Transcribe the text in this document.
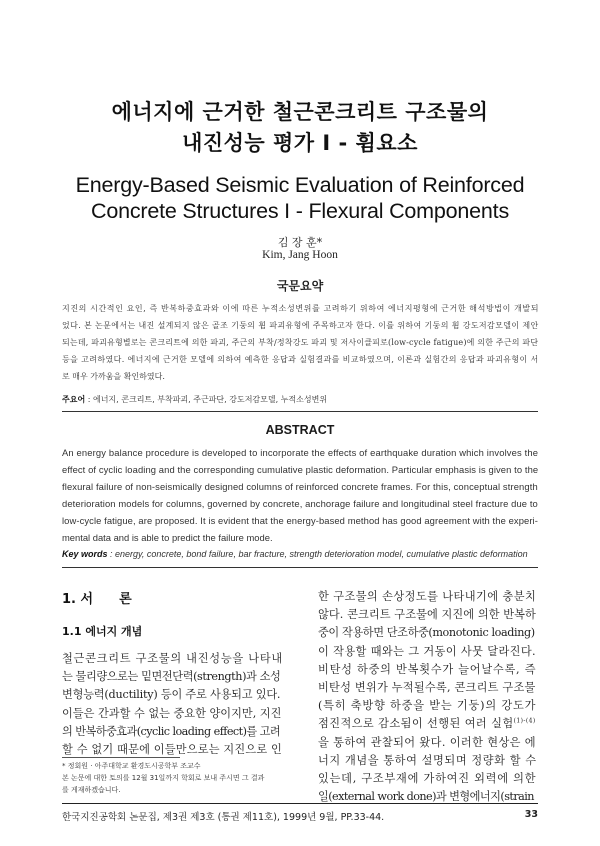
에너지에 근거한 철근콘크리트 구조물의
내진성능 평가 I - 휨요소
Energy-Based Seismic Evaluation of Reinforced
Concrete Structures I - Flexural Components
김 장 훈*
Kim, Jang Hoon
국문요약
지진의 시간적인 요인, 즉 반복하중효과와 이에 따른 누적소성변위를 고려하기 위하여 에너지평형에 근거한 해석방법이 개발되
었다. 본 논문에서는 내진 설계되지 않은 골조 기둥의 휨 파괴유형에 주목하고자 한다. 이를 위하여 기둥의 휨 강도저감모델이 제안
되는데, 파괴유형별로는 콘크리트에 의한 파괴, 주근의 부착/정착강도 파괴 및 저사이클피로(low-cycle fatigue)에 의한 주근의 파단
등을 고려하였다. 에너지에 근거한 모델에 의하여 예측한 응답과 실험결과를 비교하였으며, 이론과 실험간의 응답과 파괴유형이 서
로 매우 가까움을 확인하였다.
주요어 : 에너지, 콘크리트, 부착파괴, 주근파단, 강도저감모델, 누적소성변위
ABSTRACT
An energy balance procedure is developed to incorporate the effects of earthquake duration which involves the
effect of cyclic loading and the corresponding cumulative plastic deformation. Particular emphasis is given to the
flexural failure of non-seismically designed columns of reinforced concrete frames. For this, conceptual strength
deterioration models for columns, governed by concrete, anchorage failure and longitudinal steel fracture due to
low-cycle fatigue, are proposed. It is evident that the energy-based method has good agreement with the experi-
mental data and is able to predict the failure mode.
Key words : energy, concrete, bond failure, bar fracture, strength deterioration model, cumulative plastic deformation
1. 서 론
1.1 에너지 개념
철근콘크리트 구조물의 내진성능을 나타내
는 물리량으로는 밑면전단력(strength)과 소성
변형능력(ductility) 등이 주로 사용되고 있다.
이들은 간과할 수 없는 중요한 양이지만, 지진
의 반복하중효과(cyclic loading effect)를 고려
할 수 없기 때문에 이들만으로는 지진으로 인
* 정회원 · 아주대학교 환경도시공학부 조교수
본 논문에 대한 토의를 12월 31일까지 학회로 보내 주시면 그 결과
를 게재하겠습니다.
한 구조물의 손상정도를 나타내기에 충분치
않다. 콘크리트 구조물에 지진에 의한 반복하
중이 작용하면 단조하중(monotonic loading)
이 작용할 때와는 그 거동이 사뭇 달라진다.
비탄성 하중의 반복횟수가 늘어날수록, 즉
비탄성 변위가 누적될수록, 콘크리트 구조물
(특히 축방향 하중을 받는 기둥)의 강도가
점진적으로 감소됨이 선행된 여러 실험$^{(1)-(4)}$
을 통하여 관찰되어 왔다. 이러한 현상은 에
너지 개념을 통하여 설명되며 정량화 할 수
있는데, 구조부재에 가하여진 외력에 의한
일(external work done)과 변형에너지(strain
한국지진공학회 논문집, 제3권 제3호 (통권 제11호), 1999년 9월, PP.33-44.	33
